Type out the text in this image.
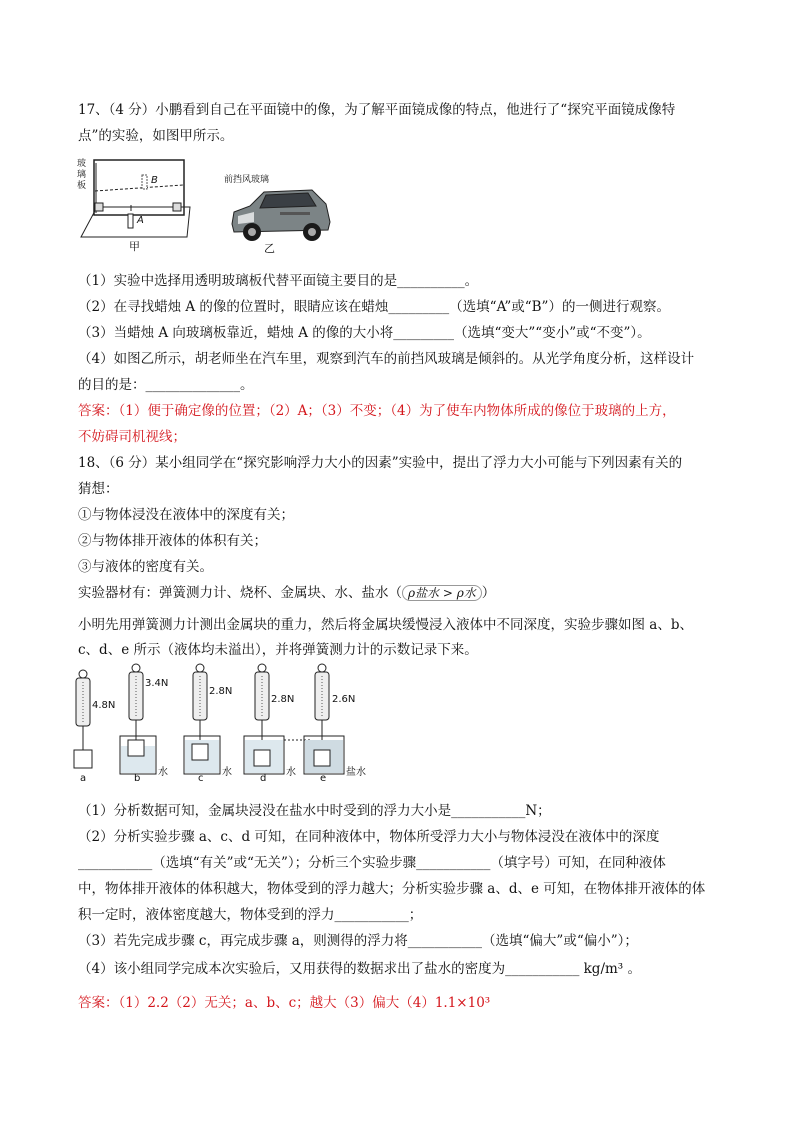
17、（4 分）小鹏看到自己在平面镜中的像，为了解平面镜成像的特点，他进行了“探究平面镜成像特
点”的实验，如图甲所示。
玻璃板
A
B
甲
前挡风玻璃
乙
（1）实验中选择用透明玻璃板代替平面镜主要目的是__________。
（2）在寻找蜡烛 A 的像的位置时，眼睛应该在蜡烛_________（选填“A”或“B”）的一侧进行观察。
（3）当蜡烛 A 向玻璃板靠近，蜡烛 A 的像的大小将_________（选填“变大”“变小”或“不变”）。
（4）如图乙所示，胡老师坐在汽车里，观察到汽车的前挡风玻璃是倾斜的。从光学角度分析，这样设计
的目的是：______________。
答案：（1）便于确定像的位置；（2）A；（3）不变；（4）为了使车内物体所成的像位于玻璃的上方，
不妨碍司机视线；
18、（6 分）某小组同学在“探究影响浮力大小的因素”实验中，提出了浮力大小可能与下列因素有关的
猜想：
①与物体浸没在液体中的深度有关；
②与物体排开液体的体积有关；
③与液体的密度有关。
实验器材有：弹簧测力计、烧杯、金属块、水、盐水（ ρ盐水 > ρ水 ）
小明先用弹簧测力计测出金属块的重力，然后将金属块缓慢浸入液体中不同深度，实验步骤如图 a、b、
c、d、e 所示（液体均未溢出），并将弹簧测力计的示数记录下来。
4.8N
3.4N
2.8N
2.8N	2.6N
水	水	水	盐水
a	b	c	d	e
（1）分析数据可知，金属块浸没在盐水中时受到的浮力大小是___________N；
（2）分析实验步骤 a、c、d 可知，在同种液体中，物体所受浮力大小与物体浸没在液体中的深度
___________（选填“有关”或“无关”）；分析三个实验步骤___________（填字号）可知，在同种液体
中，物体排开液体的体积越大，物体受到的浮力越大；分析实验步骤 a、d、e 可知，在物体排开液体的体
积一定时，液体密度越大，物体受到的浮力___________；
（3）若先完成步骤 c，再完成步骤 a，则测得的浮力将___________（选填“偏大”或“偏小”）；
（4）该小组同学完成本次实验后，又用获得的数据求出了盐水的密度为___________ kg/m³ 。
答案：（1）2.2（2）无关；a、b、c；越大（3）偏大（4）1.1×10³
